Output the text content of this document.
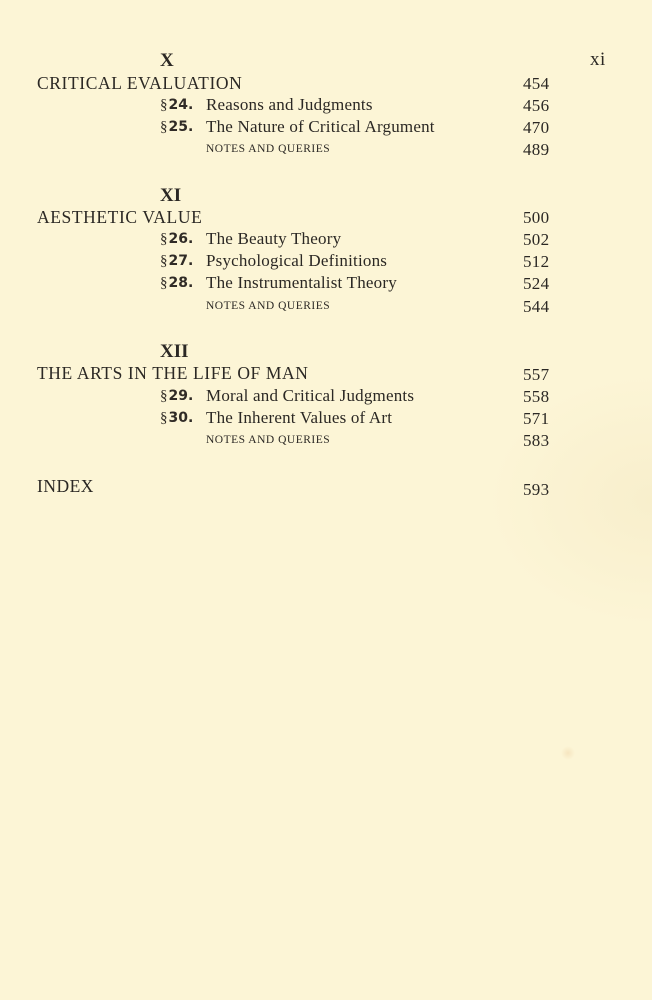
xi
X
CRITICAL EVALUATION	454
§24. Reasons and Judgments	456
§25. The Nature of Critical Argument	470
NOTES AND QUERIES	489
XI
AESTHETIC VALUE	500
§26. The Beauty Theory	502
§27. Psychological Definitions	512
§28. The Instrumentalist Theory	524
NOTES AND QUERIES	544
XII
THE ARTS IN THE LIFE OF MAN	557
§29. Moral and Critical Judgments	558
§30. The Inherent Values of Art	571
NOTES AND QUERIES	583
INDEX	593
